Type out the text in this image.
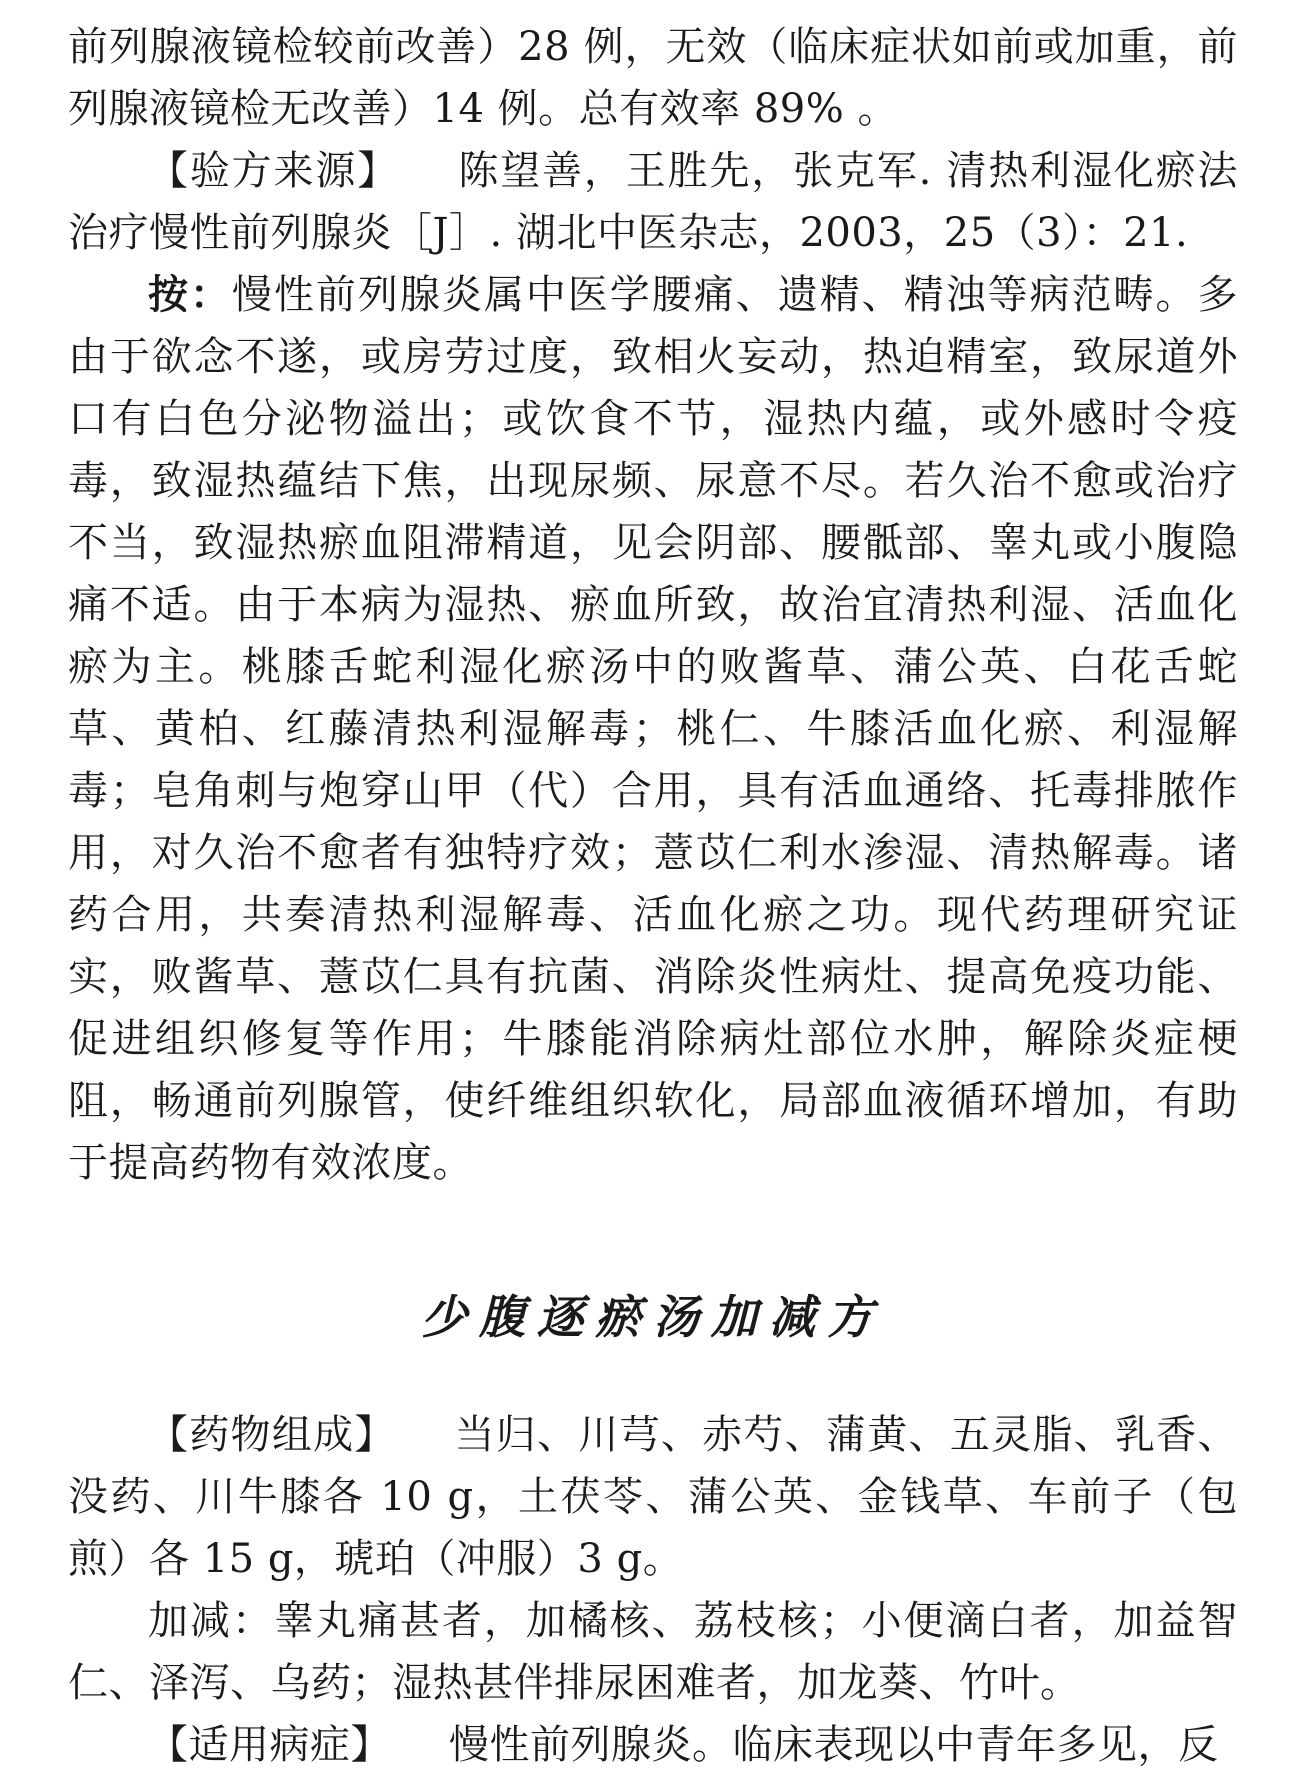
前列腺液镜检较前改善）28 例，无效（临床症状如前或加重，前列腺液镜检无改善）14 例。总有效率 89% 。

【验方来源】 陈望善，王胜先，张克军. 清热利湿化瘀法治疗慢性前列腺炎［J］. 湖北中医杂志，2003，25（3）：21.

按：慢性前列腺炎属中医学腰痛、遗精、精浊等病范畴。多由于欲念不遂，或房劳过度，致相火妄动，热迫精室，致尿道外口有白色分泌物溢出；或饮食不节，湿热内蕴，或外感时令疫毒，致湿热蕴结下焦，出现尿频、尿意不尽。若久治不愈或治疗不当，致湿热瘀血阻滞精道，见会阴部、腰骶部、睾丸或小腹隐痛不适。由于本病为湿热、瘀血所致，故治宜清热利湿、活血化瘀为主。桃膝舌蛇利湿化瘀汤中的败酱草、蒲公英、白花舌蛇草、黄柏、红藤清热利湿解毒；桃仁、牛膝活血化瘀、利湿解毒；皂角刺与炮穿山甲（代）合用，具有活血通络、托毒排脓作用，对久治不愈者有独特疗效；薏苡仁利水渗湿、清热解毒。诸药合用，共奏清热利湿解毒、活血化瘀之功。现代药理研究证实，败酱草、薏苡仁具有抗菌、消除炎性病灶、提高免疫功能、促进组织修复等作用；牛膝能消除病灶部位水肿，解除炎症梗阻，畅通前列腺管，使纤维组织软化，局部血液循环增加，有助于提高药物有效浓度。

少腹逐瘀汤加减方

【药物组成】 当归、川芎、赤芍、蒲黄、五灵脂、乳香、没药、川牛膝各 10 g，土茯苓、蒲公英、金钱草、车前子（包煎）各 15 g，琥珀（冲服）3 g。

加减：睾丸痛甚者，加橘核、荔枝核；小便滴白者，加益智仁、泽泻、乌药；湿热甚伴排尿困难者，加龙葵、竹叶。

【适用病症】 慢性前列腺炎。临床表现以中青年多见，反
